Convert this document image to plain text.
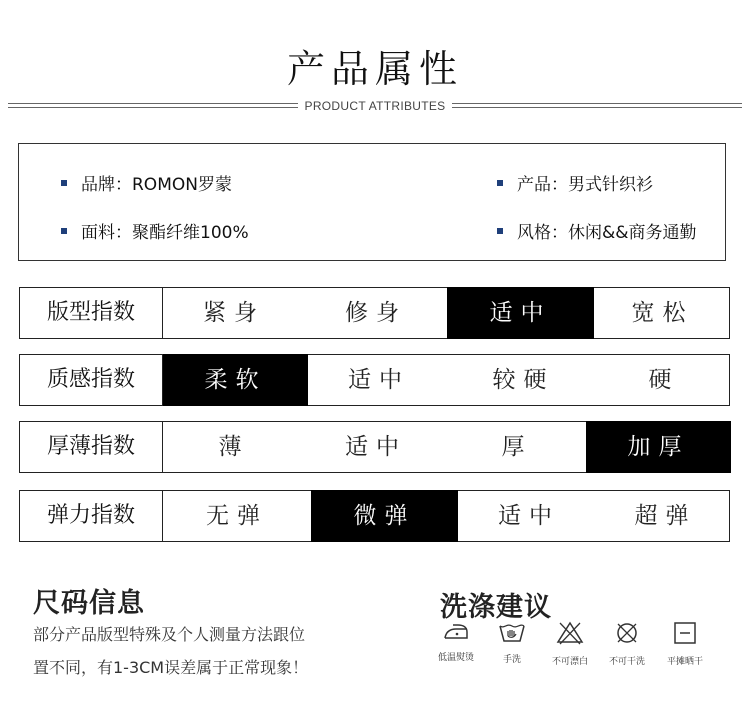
产品属性
PRODUCT ATTRIBUTES
品牌：ROMON罗蒙	产品：男式针织衫
面料：聚酯纤维100%	风格：休闲&&商务通勤
版型指数	紧身	修身	适中	宽松
质感指数	柔软	适中	较硬	硬
厚薄指数	薄	适中	厚	加厚
弹力指数	无弹	微弹	适中	超弹
尺码信息
部分产品版型特殊及个人测量方法跟位
置不同，有1-3CM误差属于正常现象！
洗涤建议
低温熨烫	手洗	不可漂白	不可干洗	平摊晒干
